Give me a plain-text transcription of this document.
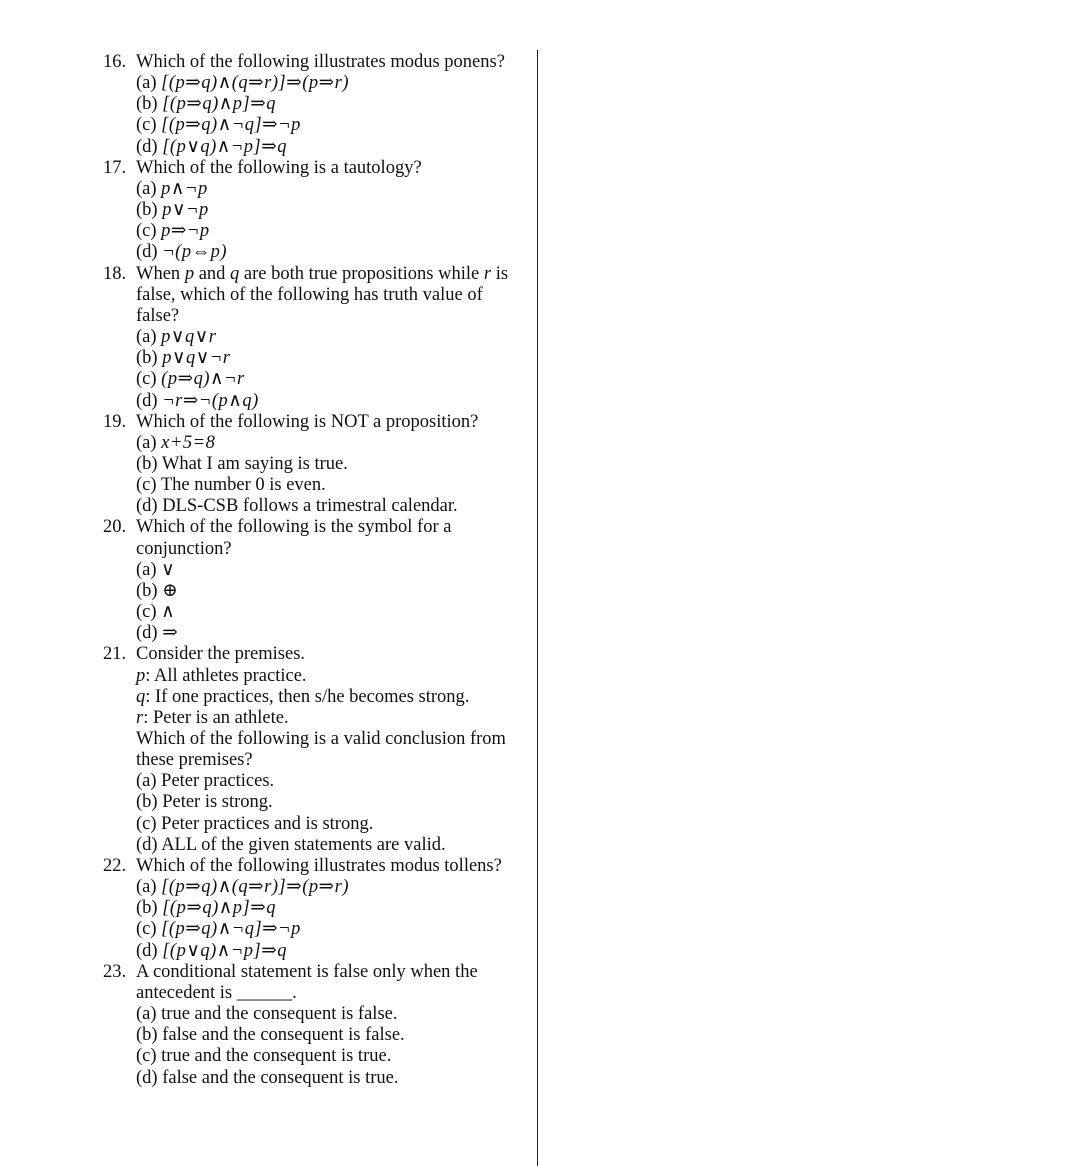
16. Which of the following illustrates modus ponens?
(a) [(p⇒q)∧(q⇒r)]⇒(p⇒r)
(b) [(p⇒q)∧p]⇒q
(c) [(p⇒q)∧¬q]⇒¬p
(d) [(p∨q)∧¬p]⇒q
17. Which of the following is a tautology?
(a) p∧¬p
(b) p∨¬p
(c) p⇒¬p
(d) ¬(p⇔p)
18. When p and q are both true propositions while r is false, which of the following has truth value of false?
(a) p∨q∨r
(b) p∨q∨¬r
(c) (p⇒q)∧¬r
(d) ¬r⇒¬(p∧q)
19. Which of the following is NOT a proposition?
(a) x+5=8
(b) What I am saying is true.
(c) The number 0 is even.
(d) DLS-CSB follows a trimestral calendar.
20. Which of the following is the symbol for a conjunction?
(a) ∨
(b) ⊕
(c) ∧
(d) ⇒
21. Consider the premises.
p: All athletes practice.
q: If one practices, then s/he becomes strong.
r: Peter is an athlete.
Which of the following is a valid conclusion from these premises?
(a) Peter practices.
(b) Peter is strong.
(c) Peter practices and is strong.
(d) ALL of the given statements are valid.
22. Which of the following illustrates modus tollens?
(a) [(p⇒q)∧(q⇒r)]⇒(p⇒r)
(b) [(p⇒q)∧p]⇒q
(c) [(p⇒q)∧¬q]⇒¬p
(d) [(p∨q)∧¬p]⇒q
23. A conditional statement is false only when the antecedent is ______.
(a) true and the consequent is false.
(b) false and the consequent is false.
(c) true and the consequent is true.
(d) false and the consequent is true.
